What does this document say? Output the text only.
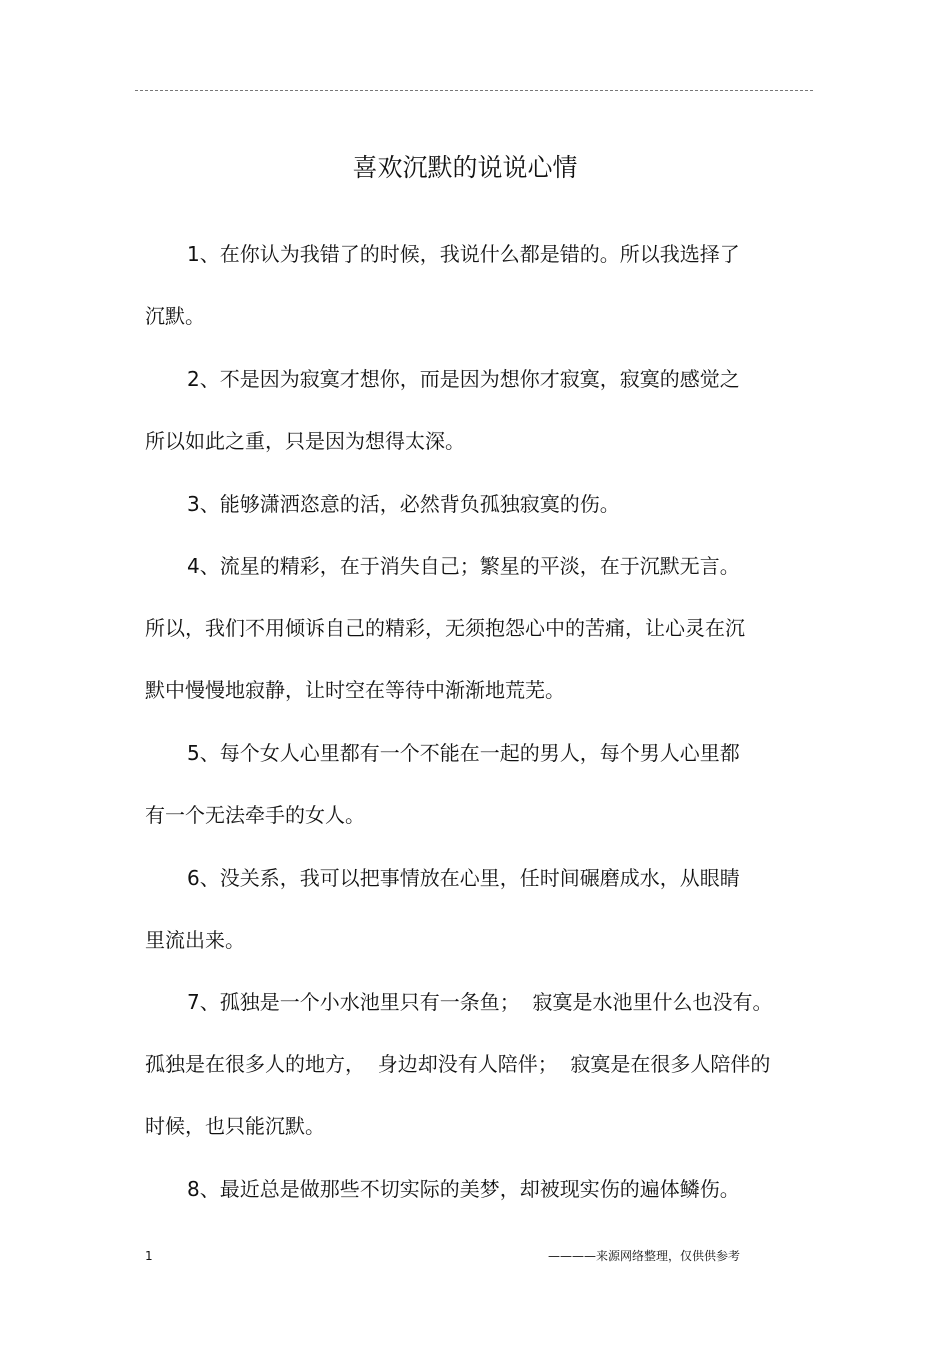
喜欢沉默的说说心情
1、在你认为我错了的时候，我说什么都是错的。所以我选择了
沉默。
2、不是因为寂寞才想你，而是因为想你才寂寞，寂寞的感觉之
所以如此之重，只是因为想得太深。
3、能够潇洒恣意的活，必然背负孤独寂寞的伤。
4、流星的精彩，在于消失自己；繁星的平淡，在于沉默无言。
所以，我们不用倾诉自己的精彩，无须抱怨心中的苦痛，让心灵在沉
默中慢慢地寂静，让时空在等待中渐渐地荒芜。
5、每个女人心里都有一个不能在一起的男人，每个男人心里都
有一个无法牵手的女人。
6、没关系，我可以把事情放在心里，任时间碾磨成水，从眼睛
里流出来。
7、孤独是一个小水池里只有一条鱼；  寂寞是水池里什么也没有。
孤独是在很多人的地方，  身边却没有人陪伴；  寂寞是在很多人陪伴的
时候，也只能沉默。
8、最近总是做那些不切实际的美梦，却被现实伤的遍体鳞伤。
1	————来源网络整理，仅供供参考
